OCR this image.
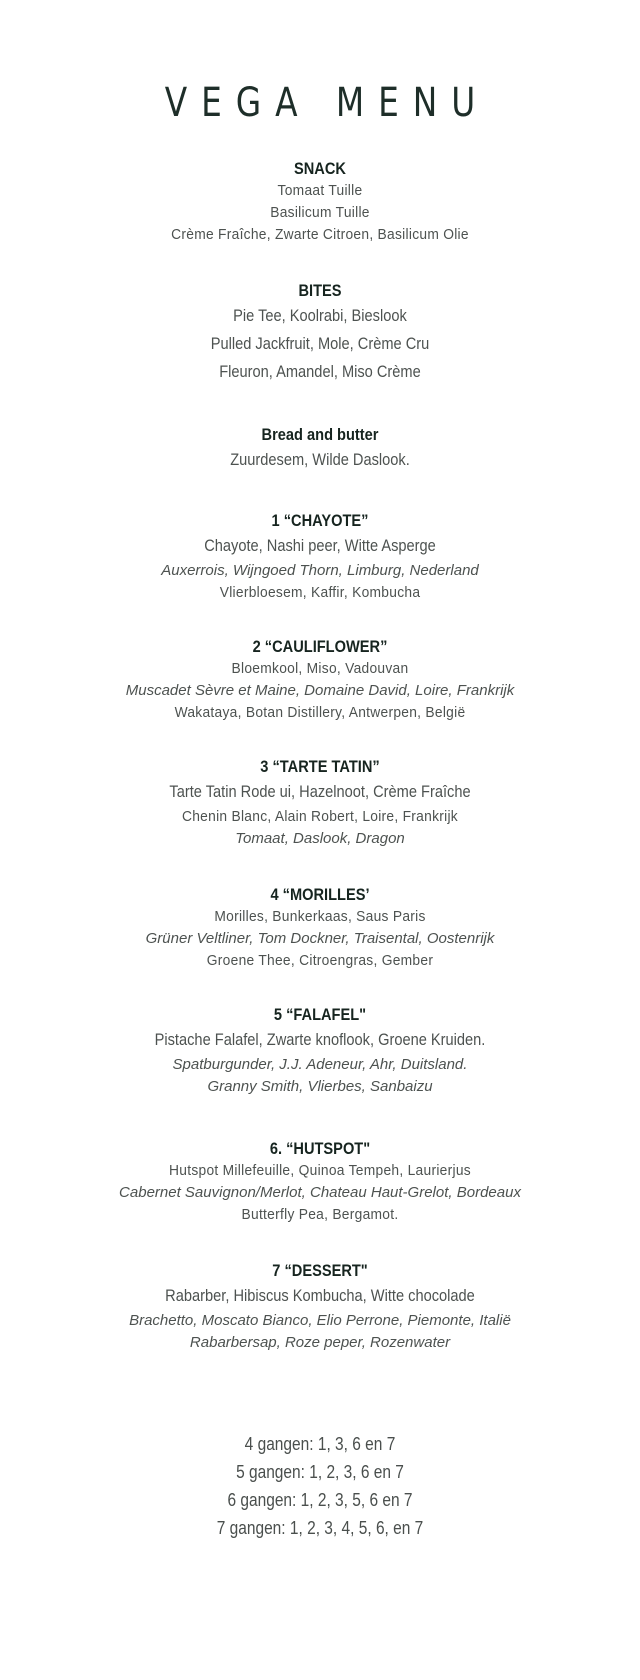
VEGA MENU
SNACK
Tomaat Tuille
Basilicum Tuille
Crème Fraîche, Zwarte Citroen, Basilicum Olie
BITES
Pie Tee, Koolrabi, Bieslook
Pulled Jackfruit, Mole, Crème Cru
Fleuron, Amandel, Miso Crème
Bread and butter
Zuurdesem, Wilde Daslook.
1 “CHAYOTE”
Chayote, Nashi peer, Witte Asperge
Auxerrois, Wijngoed Thorn, Limburg, Nederland
Vlierbloesem, Kaffir, Kombucha
2 “CAULIFLOWER”
Bloemkool, Miso, Vadouvan
Muscadet Sèvre et Maine, Domaine David, Loire, Frankrijk
Wakataya, Botan Distillery, Antwerpen, België
3 “TARTE TATIN”
Tarte Tatin Rode ui, Hazelnoot, Crème Fraîche
Chenin Blanc, Alain Robert, Loire, Frankrijk
Tomaat, Daslook, Dragon
4 “MORILLES’
Morilles, Bunkerkaas, Saus Paris
Grüner Veltliner, Tom Dockner, Traisental, Oostenrijk
Groene Thee, Citroengras, Gember
5 “FALAFEL"
Pistache Falafel, Zwarte knoflook, Groene Kruiden.
Spatburgunder, J.J. Adeneur, Ahr, Duitsland.
Granny Smith, Vlierbes, Sanbaizu
6. “HUTSPOT"
Hutspot Millefeuille, Quinoa Tempeh, Laurierjus
Cabernet Sauvignon/Merlot, Chateau Haut-Grelot, Bordeaux
Butterfly Pea, Bergamot.
7 “DESSERT"
Rabarber, Hibiscus Kombucha, Witte chocolade
Brachetto, Moscato Bianco, Elio Perrone, Piemonte, Italië
Rabarbersap, Roze peper, Rozenwater
4 gangen: 1, 3, 6 en 7
5 gangen: 1, 2, 3, 6 en 7
6 gangen: 1, 2, 3, 5, 6 en 7
7 gangen: 1, 2, 3, 4, 5, 6, en 7
